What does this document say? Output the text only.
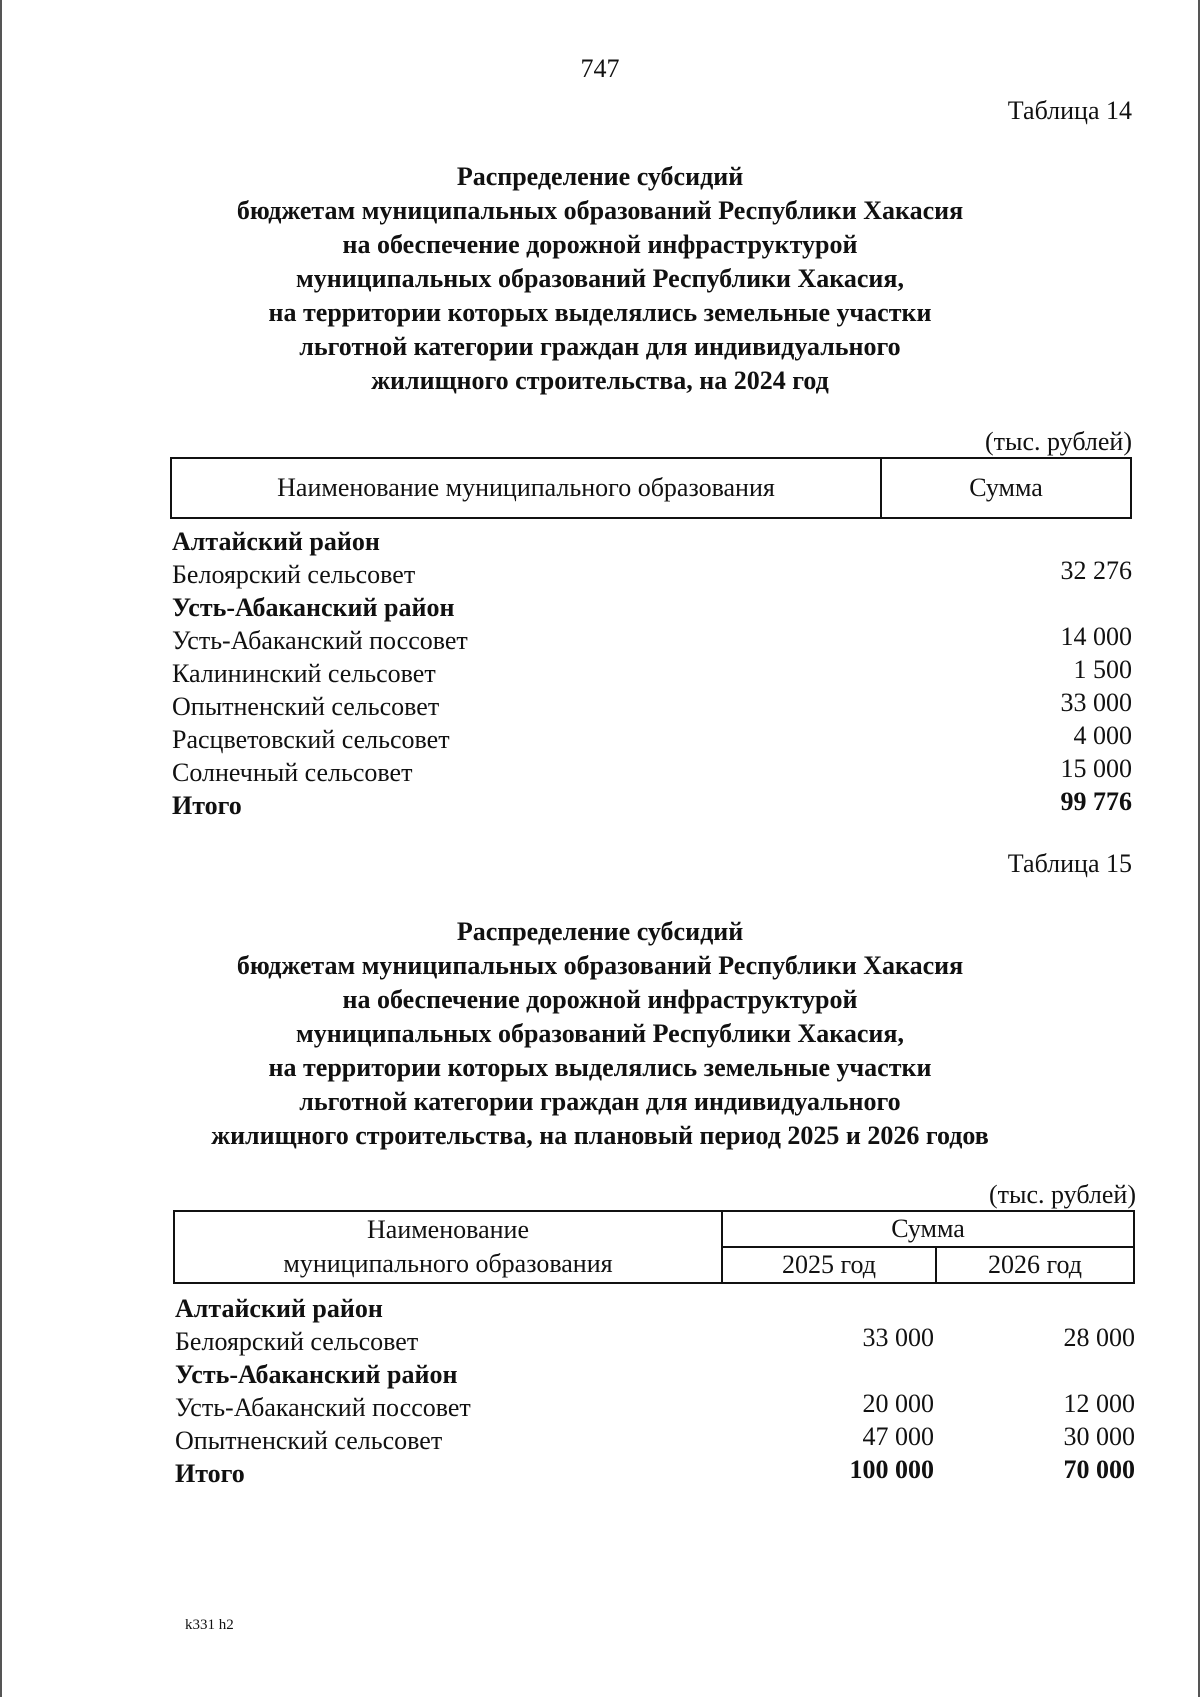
747
Таблица 14
Распределение субсидий
бюджетам муниципальных образований Республики Хакасия
на обеспечение дорожной инфраструктурой
муниципальных образований Республики Хакасия,
на территории которых выделялись земельные участки
льготной категории граждан для индивидуального
жилищного строительства, на 2024 год
(тыс. рублей)
Наименование муниципального образования	Сумма
Алтайский район
Белоярский сельсовет	32 276
Усть-Абаканский район
Усть-Абаканский поссовет	14 000
Калининский сельсовет	1 500
Опытненский сельсовет	33 000
Расцветовский сельсовет	4 000
Солнечный сельсовет	15 000
Итого	99 776
Таблица 15
Распределение субсидий
бюджетам муниципальных образований Республики Хакасия
на обеспечение дорожной инфраструктурой
муниципальных образований Республики Хакасия,
на территории которых выделялись земельные участки
льготной категории граждан для индивидуального
жилищного строительства, на плановый период 2025 и 2026 годов
(тыс. рублей)
Наименование
муниципального образования	Сумма	
	2025 год	2026 год
Алтайский район
Белоярский сельсовет	33 000	28 000
Усть-Абаканский район
Усть-Абаканский поссовет	20 000	12 000
Опытненский сельсовет	47 000	30 000
Итого	100 000	70 000
k331 h2
